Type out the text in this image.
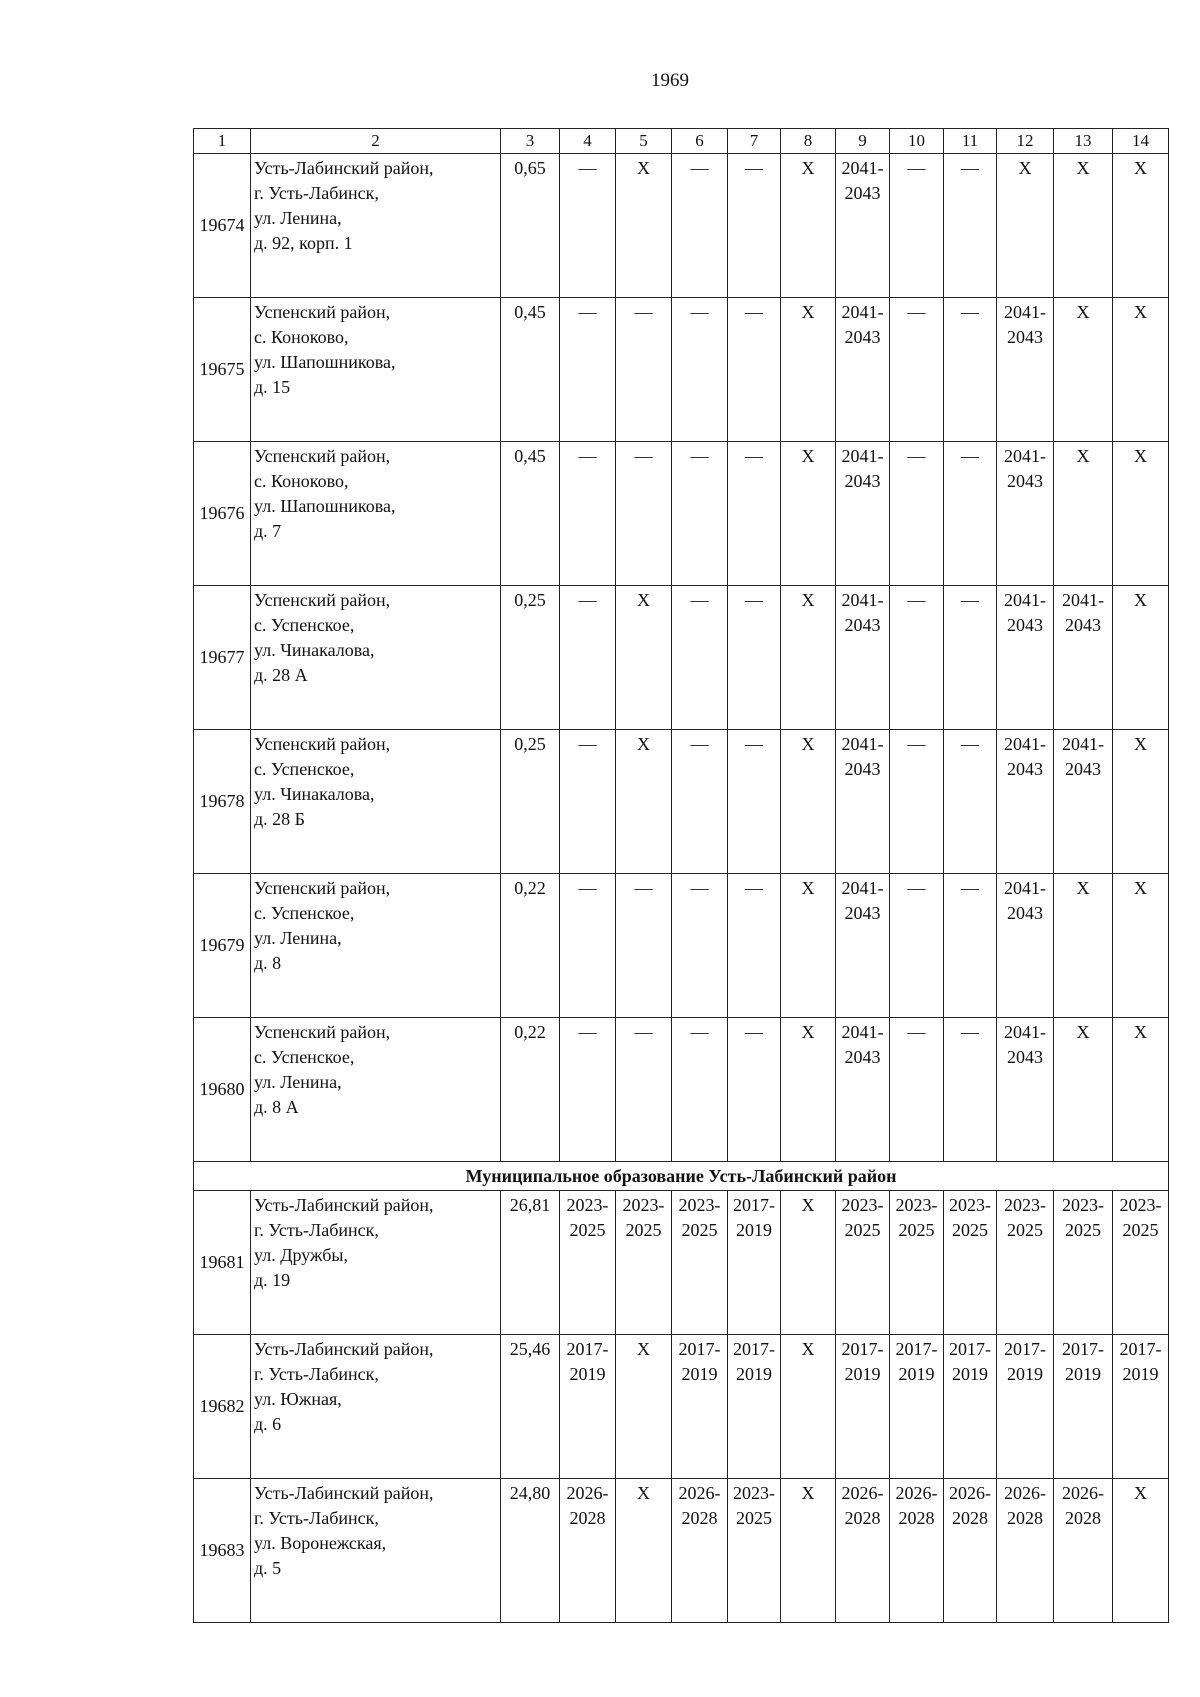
1969
1	2	3	4	5	6	7	8	9	10	11	12	13	14
19674	Усть-Лабинский район,
г. Усть-Лабинск,
ул. Ленина,
д. 92, корп. 1	0,65	—	Х	—	—	Х	2041-
2043	—	—	Х	Х	Х

19675	Успенский район,
с. Коноково,
ул. Шапошникова,
д. 15	0,45	—	—	—	—	Х	2041-
2043	—	—	2041-
2043	Х	Х

19676	Успенский район,
с. Коноково,
ул. Шапошникова,
д. 7	0,45	—	—	—	—	Х	2041-
2043	—	—	2041-
2043	Х	Х

19677	Успенский район,
с. Успенское,
ул. Чинакалова,
д. 28 А	0,25	—	Х	—	—	Х	2041-
2043	—	—	2041-
2043	2041-
2043	Х

19678	Успенский район,
с. Успенское,
ул. Чинакалова,
д. 28 Б	0,25	—	Х	—	—	Х	2041-
2043	—	—	2041-
2043	2041-
2043	Х

19679	Успенский район,
с. Успенское,
ул. Ленина,
д. 8	0,22	—	—	—	—	Х	2041-
2043	—	—	2041-
2043	Х	Х

19680	Успенский район,
с. Успенское,
ул. Ленина,
д. 8 А	0,22	—	—	—	—	Х	2041-
2043	—	—	2041-
2043	Х	Х

Муниципальное образование Усть-Лабинский район													
19681	Усть-Лабинский район,
г. Усть-Лабинск,
ул. Дружбы,
д. 19	26,81	2023-
2025	2023-
2025	2023-
2025	2017-
2019	Х	2023-
2025	2023-
2025	2023-
2025	2023-
2025	2023-
2025	2023-
2025

19682	Усть-Лабинский район,
г. Усть-Лабинск,
ул. Южная,
д. 6	25,46	2017-
2019	Х	2017-
2019	2017-
2019	Х	2017-
2019	2017-
2019	2017-
2019	2017-
2019	2017-
2019	2017-
2019

19683	Усть-Лабинский район,
г. Усть-Лабинск,
ул. Воронежская,
д. 5	24,80	2026-
2028	Х	2026-
2028	2023-
2025	Х	2026-
2028	2026-
2028	2026-
2028	2026-
2028	2026-
2028	Х
